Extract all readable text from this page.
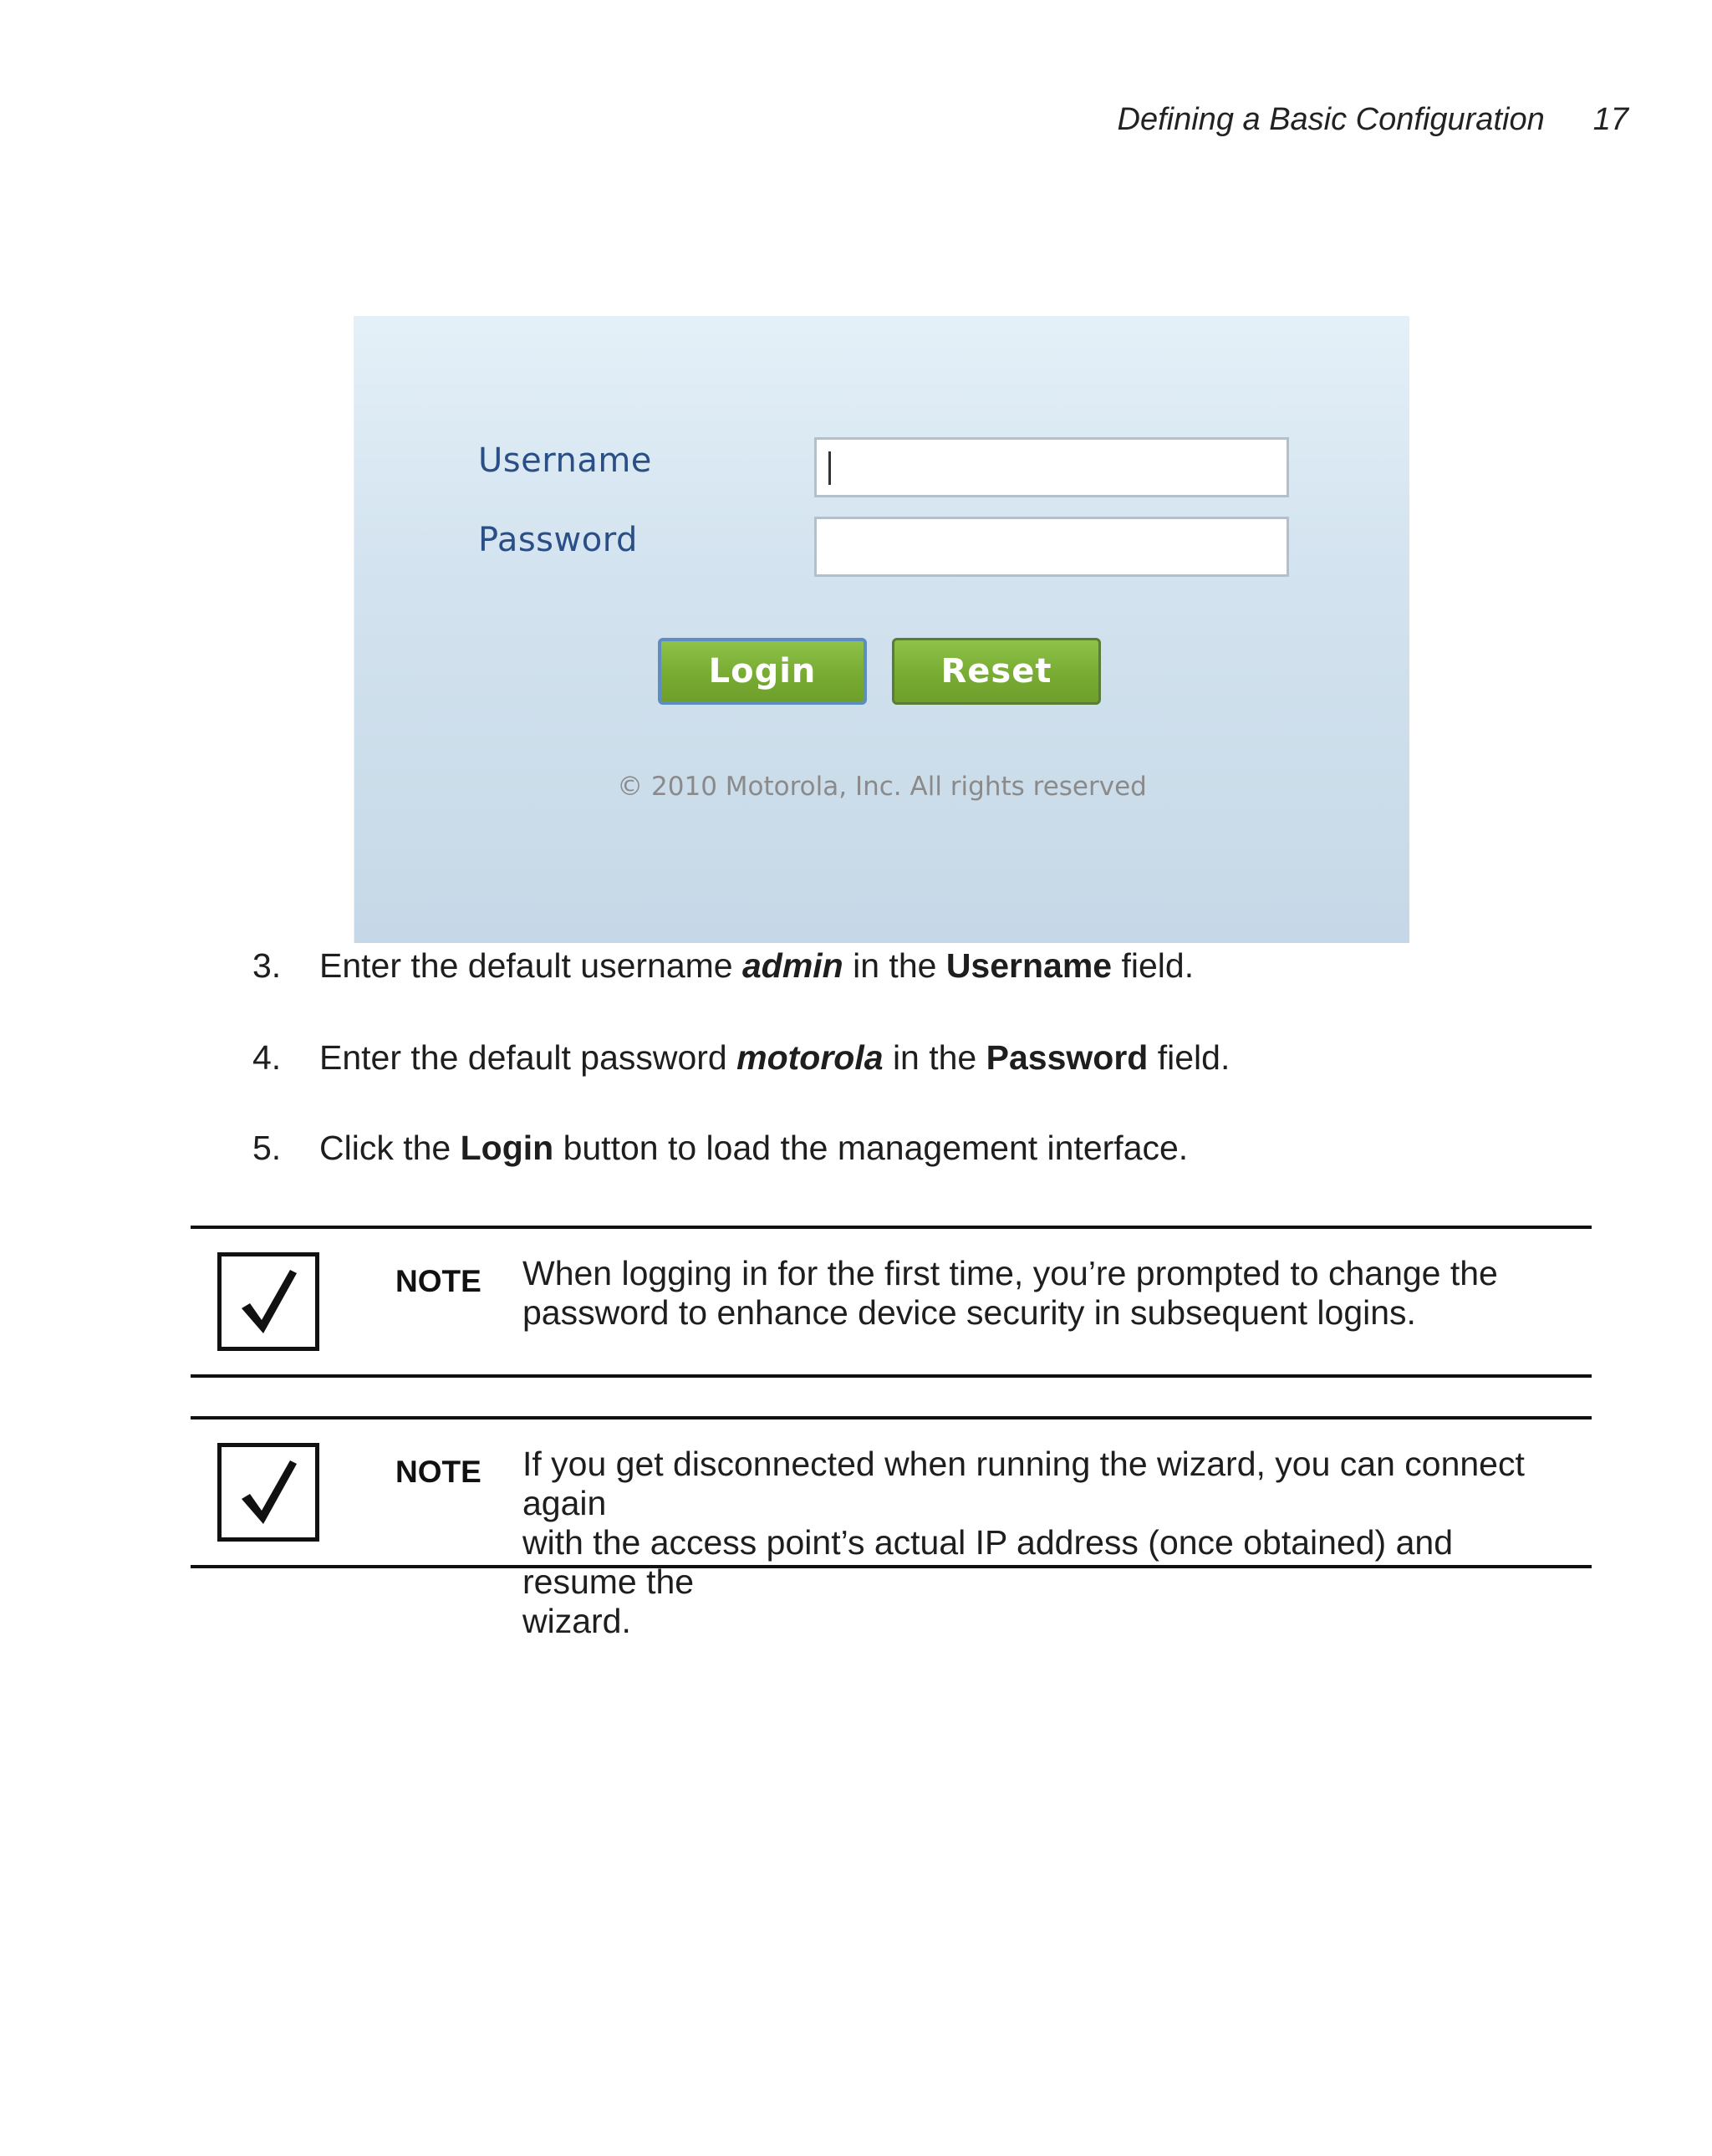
Defining a Basic Configuration 17
Username
Password
Login	Reset
© 2010 Motorola, Inc. All rights reserved
3.	Enter the default username admin in the Username field.
4.	Enter the default password motorola in the Password field.
5.	Click the Login button to load the management interface.
NOTE When logging in for the first time, you’re prompted to change the
password to enhance device security in subsequent logins.
NOTE If you get disconnected when running the wizard, you can connect again
with the access point’s actual IP address (once obtained) and resume the
wizard.
